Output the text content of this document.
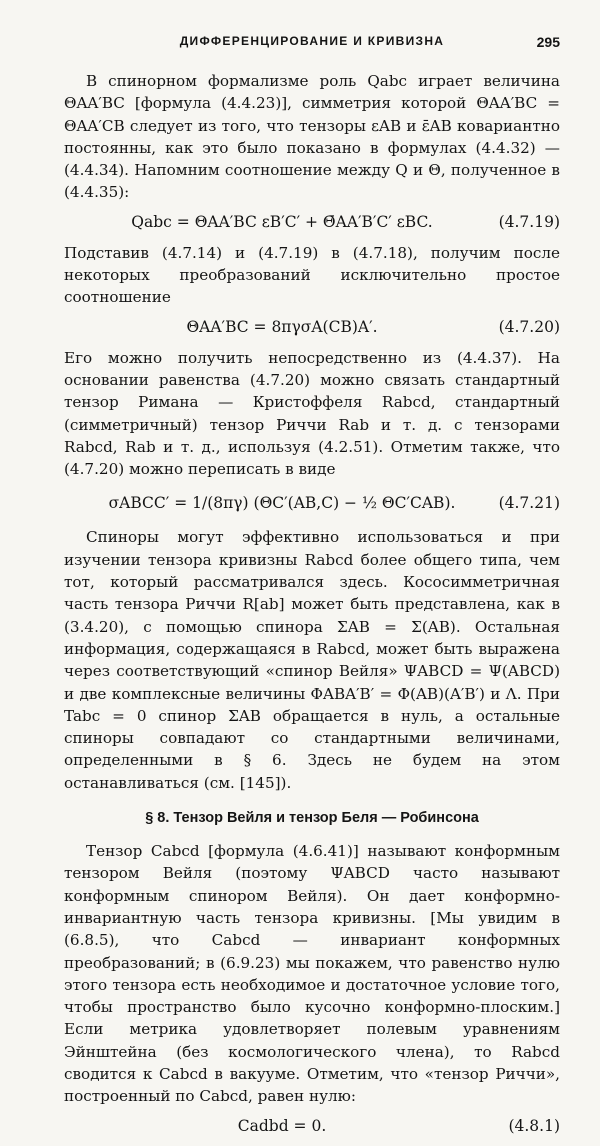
ДИФФЕРЕНЦИРОВАНИЕ И КРИВИЗНА	295

В спинорном формализме роль Qabc играет величина ΘAA′BC [формула (4.4.23)], симметрия которой ΘAA′BC = ΘAA′CB следует из того, что тензоры εAB и ε̄AB ковариантно постоянны, как это было показано в формулах (4.4.32) — (4.4.34). Напомним соотношение между Q и Θ, полученное в (4.4.35):

Qabc = ΘAA′BC εB′C′ + Θ̄AA′B′C′ εBC.	(4.7.19)

Подставив (4.7.14) и (4.7.19) в (4.7.18), получим после некоторых преобразований исключительно простое соотношение

ΘAA′BC = 8πγσA(CB)A′.	(4.7.20)

Его можно получить непосредственно из (4.4.37). На основании равенства (4.7.20) можно связать стандартный тензор Римана — Кристоффеля Rabcd, стандартный (симметричный) тензор Риччи Rab и т. д. с тензорами Rabcd, Rab и т. д., используя (4.2.51). Отметим также, что (4.7.20) можно переписать в виде

σABCC′ = 1/(8πγ) (ΘC′(AB,C) − ½ ΘC′CAB).	(4.7.21)

Спиноры могут эффективно использоваться и при изучении тензора кривизны Rabcd более общего типа, чем тот, который рассматривался здесь. Кососимметричная часть тензора Риччи R[ab] может быть представлена, как в (3.4.20), с помощью спинора ΣAB = Σ(AB). Остальная информация, содержащаяся в Rabcd, может быть выражена через соответствующий «спинор Вейля» ΨABCD = Ψ(ABCD) и две комплексные величины ΦABA′B′ = Φ(AB)(A′B′) и Λ. При Tabc = 0 спинор ΣAB обращается в нуль, а остальные спиноры совпадают со стандартными величинами, определенными в § 6. Здесь не будем на этом останавливаться (см. [145]).

§ 8. Тензор Вейля и тензор Беля — Робинсона

Тензор Cabcd [формула (4.6.41)] называют конформным тензором Вейля (поэтому ΨABCD часто называют конформным спинором Вейля). Он дает конформно-инвариантную часть тензора кривизны. [Мы увидим в (6.8.5), что Cabcd — инвариант конформных преобразований; в (6.9.23) мы покажем, что равенство нулю этого тензора есть необходимое и достаточное условие того, чтобы пространство было кусочно конформно-плоским.] Если метрика удовлетворяет полевым уравнениям Эйнштейна (без космологического члена), то Rabcd сводится к Cabcd в вакууме. Отметим, что «тензор Риччи», построенный по Cabcd, равен нулю:

Cadbd = 0.	(4.8.1)
